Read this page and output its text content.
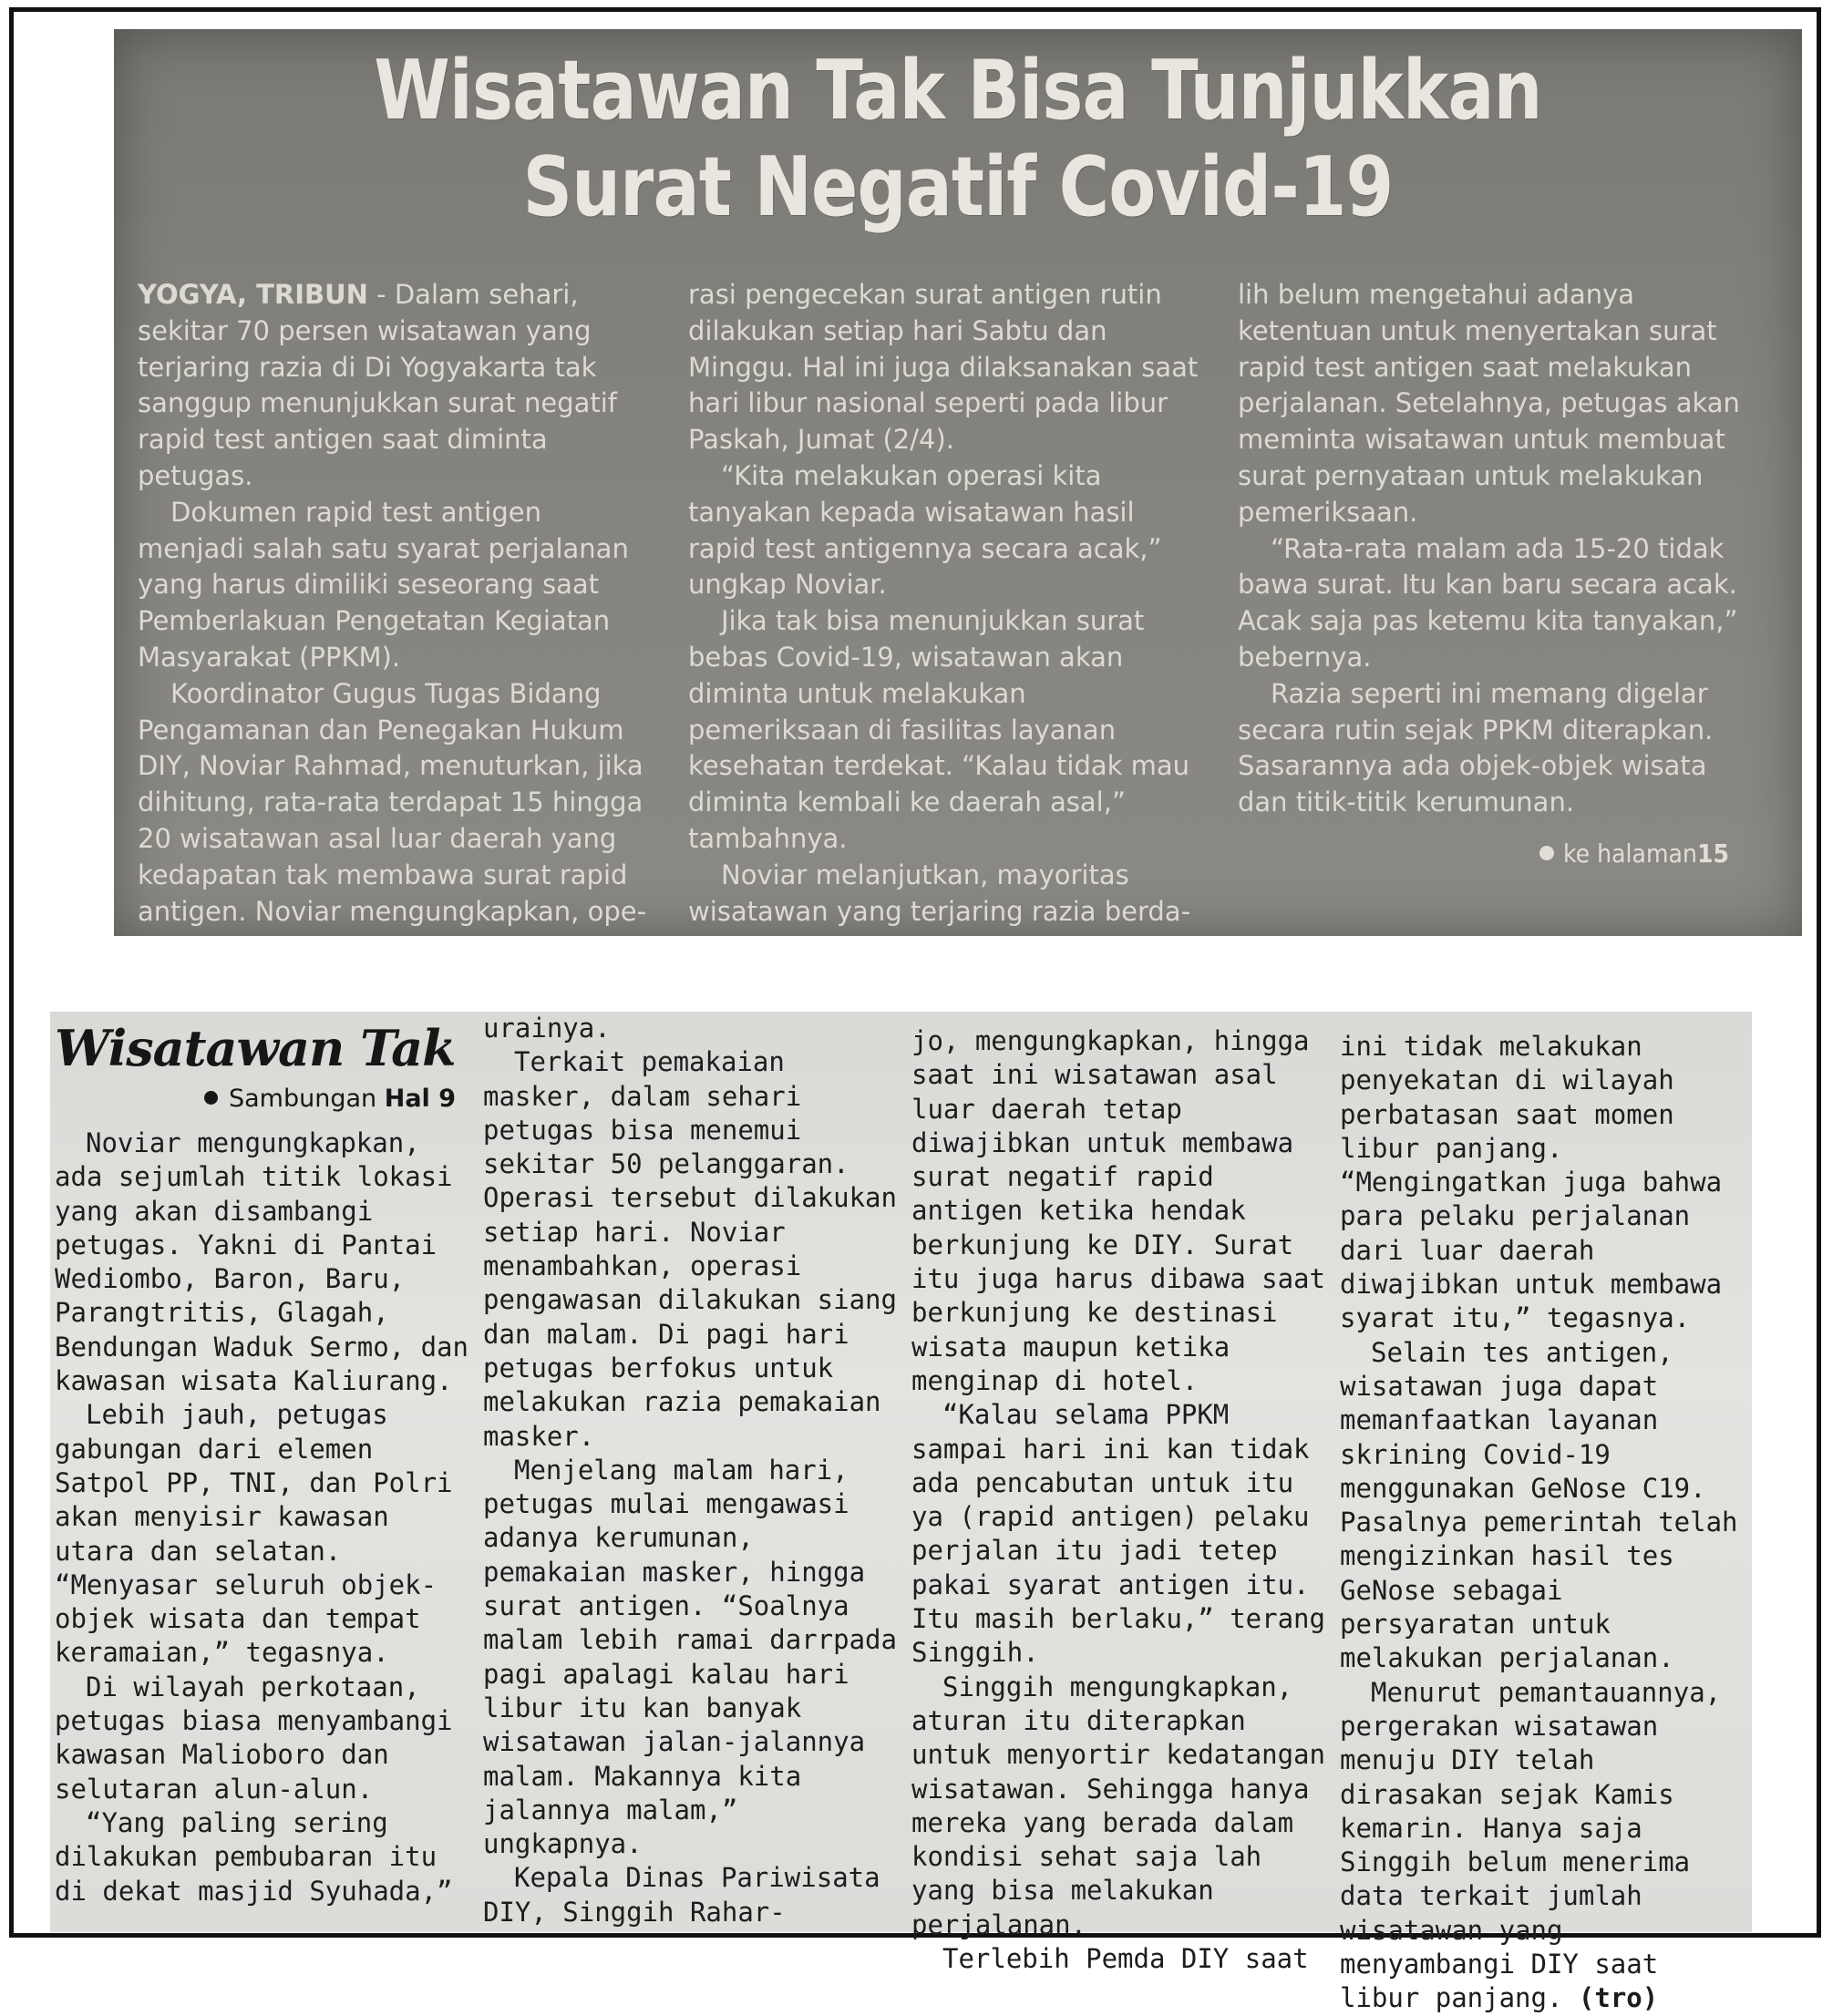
Wisatawan Tak Bisa Tunjukkan
Surat Negatif Covid-19

YOGYA, TRIBUN - Dalam sehari, sekitar 70 persen wisatawan yang terjaring razia di Di Yogyakarta tak sanggup menunjukkan surat negatif rapid test antigen saat diminta petugas.

Dokumen rapid test antigen menjadi salah satu syarat perjalanan yang harus dimiliki seseorang saat Pemberlakuan Pengetatan Kegiatan Masyarakat (PPKM).

Koordinator Gugus Tugas Bidang Pengamanan dan Penegakan Hukum DIY, Noviar Rahmad, menuturkan, jika dihitung, rata-rata terdapat 15 hingga 20 wisatawan asal luar daerah yang kedapatan tak membawa surat rapid antigen. Noviar mengungkapkan, ope-

rasi pengecekan surat antigen rutin dilakukan setiap hari Sabtu dan Minggu. Hal ini juga dilaksanakan saat hari libur nasional seperti pada libur Paskah, Jumat (2/4).

“Kita melakukan operasi kita tanyakan kepada wisatawan hasil rapid test antigennya secara acak,” ungkap Noviar.

Jika tak bisa menunjukkan surat bebas Covid-19, wisatawan akan diminta untuk melakukan pemeriksaan di fasilitas layanan kesehatan terdekat. “Kalau tidak mau diminta kembali ke daerah asal,” tambahnya.

Noviar melanjutkan, mayoritas wisatawan yang terjaring razia berda-

lih belum mengetahui adanya ketentuan untuk menyertakan surat rapid test antigen saat melakukan perjalanan. Setelahnya, petugas akan meminta wisatawan untuk membuat surat pernyataan untuk melakukan pemeriksaan.

“Rata-rata malam ada 15-20 tidak bawa surat. Itu kan baru secara acak. Acak saja pas ketemu kita tanyakan,” bebernya.

Razia seperti ini memang digelar secara rutin sejak PPKM diterapkan. Sasarannya ada objek-objek wisata dan titik-titik kerumunan.

ke halaman15
Wisatawan Tak
Sambungan Hal 9

Noviar mengungkapkan, ada sejumlah titik lokasi yang akan disambangi petugas. Yakni di Pantai Wediombo, Baron, Baru, Parangtritis, Glagah, Bendungan Waduk Sermo, dan kawasan wisata Kaliurang.

Lebih jauh, petugas gabungan dari elemen Satpol PP, TNI, dan Polri akan menyisir kawasan utara dan selatan. “Menyasar seluruh objek-objek wisata dan tempat keramaian,” tegasnya.

Di wilayah perkotaan, petugas biasa menyambangi kawasan Malioboro dan selutaran alun-alun.

“Yang paling sering dilakukan pembubaran itu di dekat masjid Syuhada,”

urainya.

Terkait pemakaian masker, dalam sehari petugas bisa menemui sekitar 50 pelanggaran. Operasi tersebut dilakukan setiap hari. Noviar menambahkan, operasi pengawasan dilakukan siang dan malam. Di pagi hari petugas berfokus untuk melakukan razia pemakaian masker.

Menjelang malam hari, petugas mulai mengawasi adanya kerumunan, pemakaian masker, hingga surat antigen. “Soalnya malam lebih ramai darrpada pagi apalagi kalau hari libur itu kan banyak wisatawan jalan-jalannya malam. Makannya kita jalannya malam,” ungkapnya.

Kepala Dinas Pariwisata DIY, Singgih Rahar-

jo, mengungkapkan, hingga saat ini wisatawan asal luar daerah tetap diwajibkan untuk membawa surat negatif rapid antigen ketika hendak berkunjung ke DIY. Surat itu juga harus dibawa saat berkunjung ke destinasi wisata maupun ketika menginap di hotel.

“Kalau selama PPKM sampai hari ini kan tidak ada pencabutan untuk itu ya (rapid antigen) pelaku perjalan itu jadi tetep pakai syarat antigen itu. Itu masih berlaku,” terang Singgih.

Singgih mengungkapkan, aturan itu diterapkan untuk menyortir kedatangan wisatawan. Sehingga hanya mereka yang berada dalam kondisi sehat saja lah yang bisa melakukan perjalanan.

Terlebih Pemda DIY saat

ini tidak melakukan penyekatan di wilayah perbatasan saat momen libur panjang. “Mengingatkan juga bahwa para pelaku perjalanan dari luar daerah diwajibkan untuk membawa syarat itu,” tegasnya.

Selain tes antigen, wisatawan juga dapat memanfaatkan layanan skrining Covid-19 menggunakan GeNose C19. Pasalnya pemerintah telah mengizinkan hasil tes GeNose sebagai persyaratan untuk melakukan perjalanan.

Menurut pemantauannya, pergerakan wisatawan menuju DIY telah dirasakan sejak Kamis kemarin. Hanya saja Singgih belum menerima data terkait jumlah wisatawan yang menyambangi DIY saat libur panjang. (tro)
